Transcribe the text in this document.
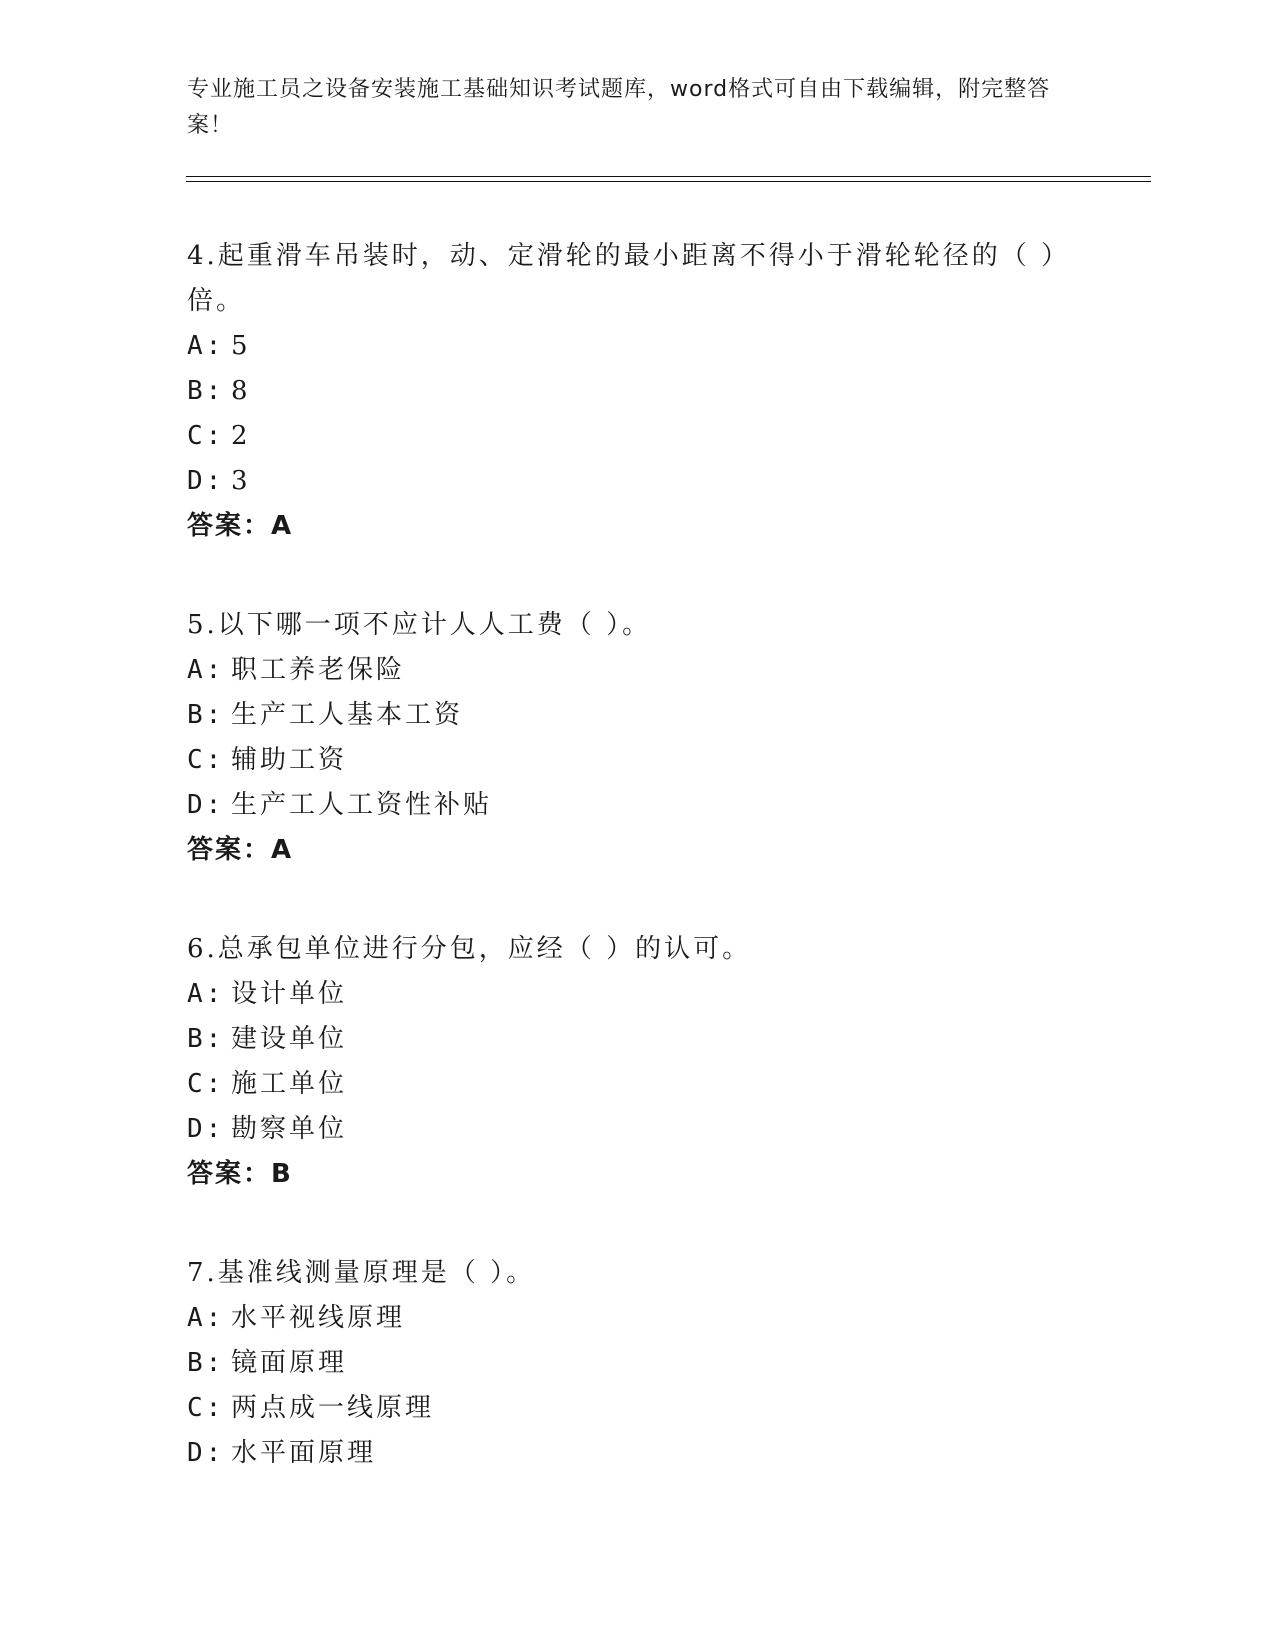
专业施工员之设备安装施工基础知识考试题库，word格式可自由下载编辑，附完整答案！

4.起重滑车吊装时，动、定滑轮的最小距离不得小于滑轮轮径的（ ）倍。

A: 5
B: 8
C: 2
D: 3
答案：A

5.以下哪一项不应计人人工费（ ）。

A: 职工养老保险
B: 生产工人基本工资
C: 辅助工资
D: 生产工人工资性补贴
答案：A

6.总承包单位进行分包，应经（ ）的认可。

A: 设计单位
B: 建设单位
C: 施工单位
D: 勘察单位
答案：B

7.基准线测量原理是（ ）。

A: 水平视线原理
B: 镜面原理
C: 两点成一线原理
D: 水平面原理
